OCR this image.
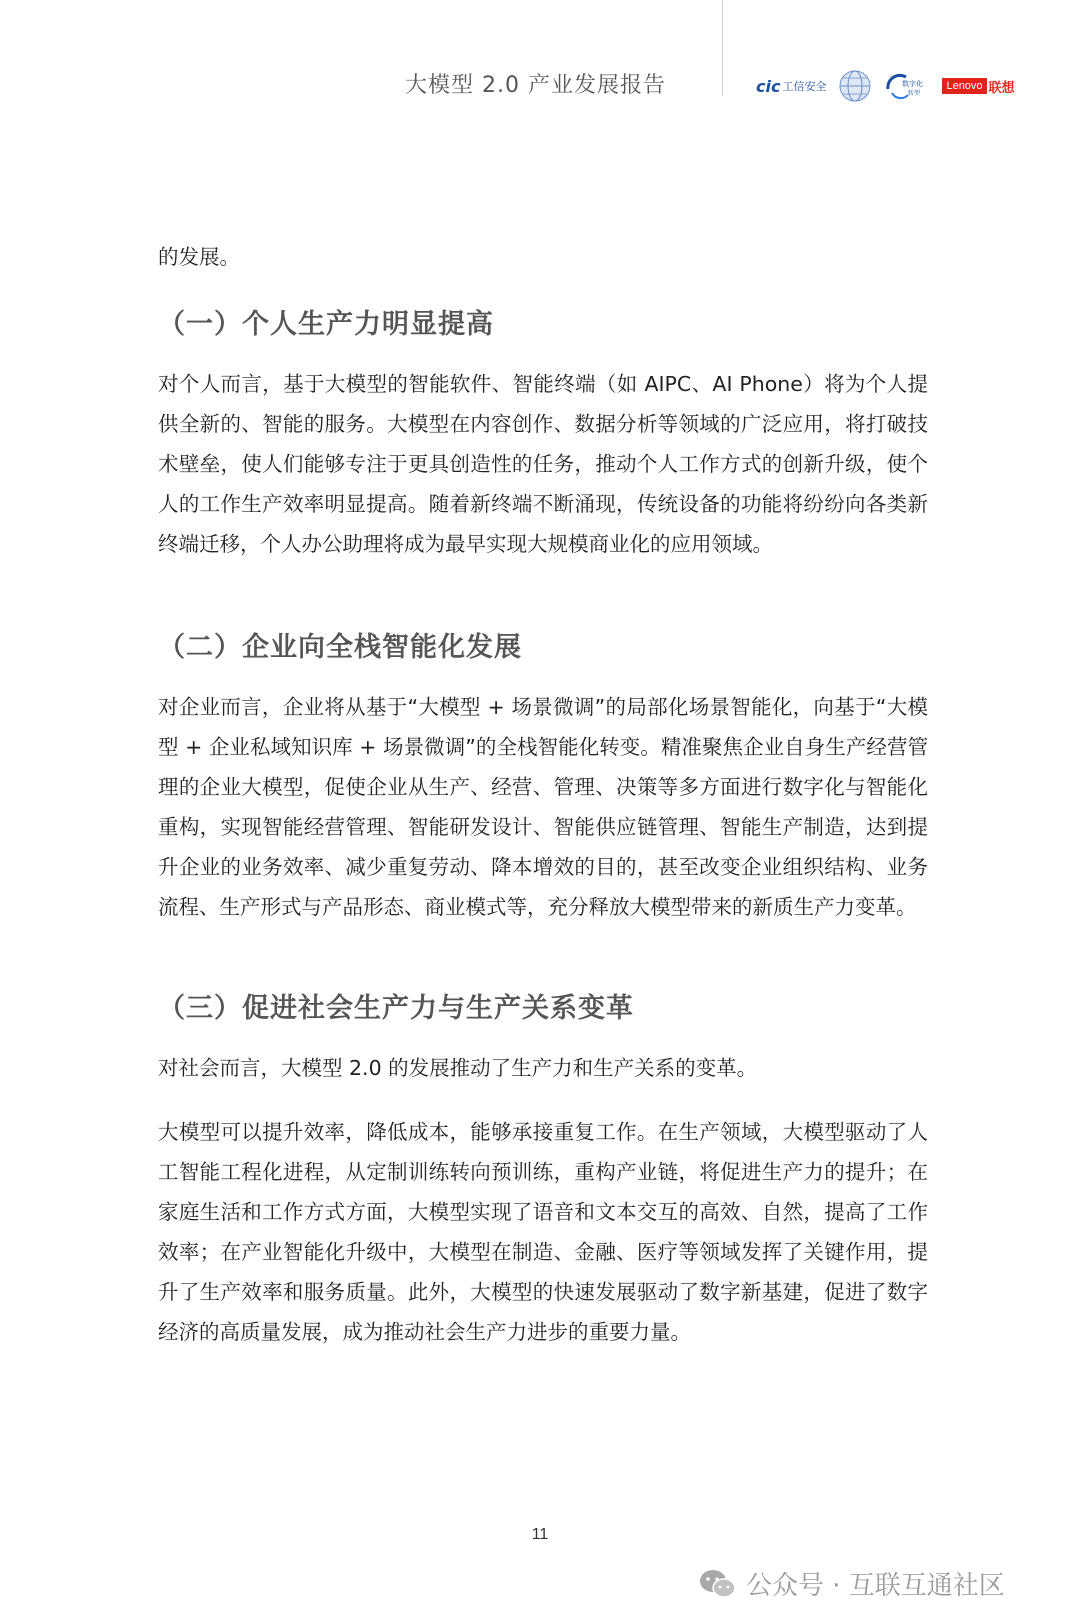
大模型 2.0 产业发展报告	cic 工信安全	数字化
转型
Lenovo 联想
的发展。
（一）个人生产力明显提高
对个人而言，基于大模型的智能软件、智能终端（如 AIPC、AI Phone）将为个人提供全新的、智能的服务。大模型在内容创作、数据分析等领域的广泛应用，将打破技术壁垒，使人们能够专注于更具创造性的任务，推动个人工作方式的创新升级，使个人的工作生产效率明显提高。随着新终端不断涌现，传统设备的功能将纷纷向各类新终端迁移，个人办公助理将成为最早实现大规模商业化的应用领域。
（二）企业向全栈智能化发展
对企业而言，企业将从基于“大模型 + 场景微调”的局部化场景智能化，向基于“大模型 + 企业私域知识库 + 场景微调”的全栈智能化转变。精准聚焦企业自身生产经营管理的企业大模型，促使企业从生产、经营、管理、决策等多方面进行数字化与智能化重构，实现智能经营管理、智能研发设计、智能供应链管理、智能生产制造，达到提升企业的业务效率、减少重复劳动、降本增效的目的，甚至改变企业组织结构、业务流程、生产形式与产品形态、商业模式等，充分释放大模型带来的新质生产力变革。
（三）促进社会生产力与生产关系变革
对社会而言，大模型 2.0 的发展推动了生产力和生产关系的变革。
大模型可以提升效率，降低成本，能够承接重复工作。在生产领域，大模型驱动了人工智能工程化进程，从定制训练转向预训练，重构产业链，将促进生产力的提升；在家庭生活和工作方式方面，大模型实现了语音和文本交互的高效、自然，提高了工作效率；在产业智能化升级中，大模型在制造、金融、医疗等领域发挥了关键作用，提升了生产效率和服务质量。此外，大模型的快速发展驱动了数字新基建，促进了数字经济的高质量发展，成为推动社会生产力进步的重要力量。
11
公众号 · 互联互通社区
